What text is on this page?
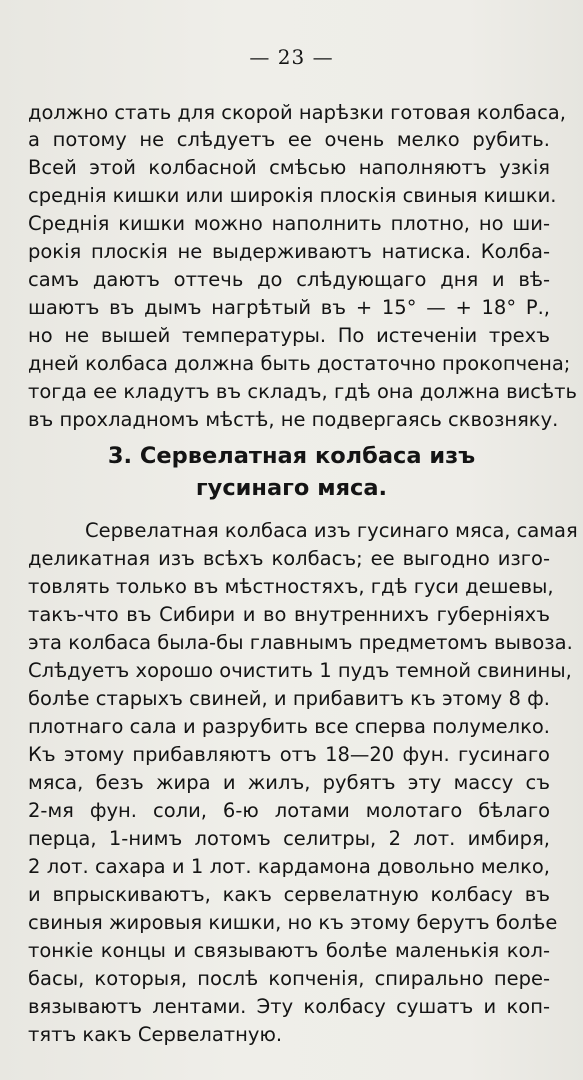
— 23 —
должно стать для скорой нарѣзки готовая колбаса,
а потому не слѣдуетъ ее очень мелко рубить.
Всей этой колбасной смѣсью наполняютъ узкія
среднія кишки или широкія плоскія свиныя кишки.
Среднія кишки можно наполнить плотно, но ши-
рокія плоскія не выдерживаютъ натиска. Колба-
самъ даютъ оттечь до слѣдующаго дня и вѣ-
шаютъ въ дымъ нагрѣтый въ + 15° — + 18° Р.,
но не вышей температуры. По истеченіи трехъ
дней колбаса должна быть достаточно прокопчена;
тогда ее кладутъ въ складъ, гдѣ она должна висѣть
въ прохладномъ мѣстѣ, не подвергаясь сквозняку.
3. Сервелатная колбаса изъ
гусинаго мяса.
Сервелатная колбаса изъ гусинаго мяса, самая
деликатная изъ всѣхъ колбасъ; ее выгодно изго-
товлять только въ мѣстностяхъ, гдѣ гуси дешевы,
такъ-что въ Сибири и во внутреннихъ губерніяхъ
эта колбаса была-бы главнымъ предметомъ вывоза.
Слѣдуетъ хорошо очистить 1 пудъ темной свинины,
болѣе старыхъ свиней, и прибавитъ къ этому 8 ф.
плотнаго сала и разрубить все сперва полумелко.
Къ этому прибавляютъ отъ 18—20 фун. гусинаго
мяса, безъ жира и жилъ, рубятъ эту массу съ
2-мя фун. соли, 6-ю лотами молотаго бѣлаго
перца, 1-нимъ лотомъ селитры, 2 лот. имбиря,
2 лот. сахара и 1 лот. кардамона довольно мелко,
и впрыскиваютъ, какъ сервелатную колбасу въ
свиныя жировыя кишки, но къ этому берутъ болѣе
тонкіе концы и связываютъ болѣе маленькія кол-
басы, которыя, послѣ копченія, спирально пере-
вязываютъ лентами. Эту колбасу сушатъ и коп-
тятъ какъ Сервелатную.
